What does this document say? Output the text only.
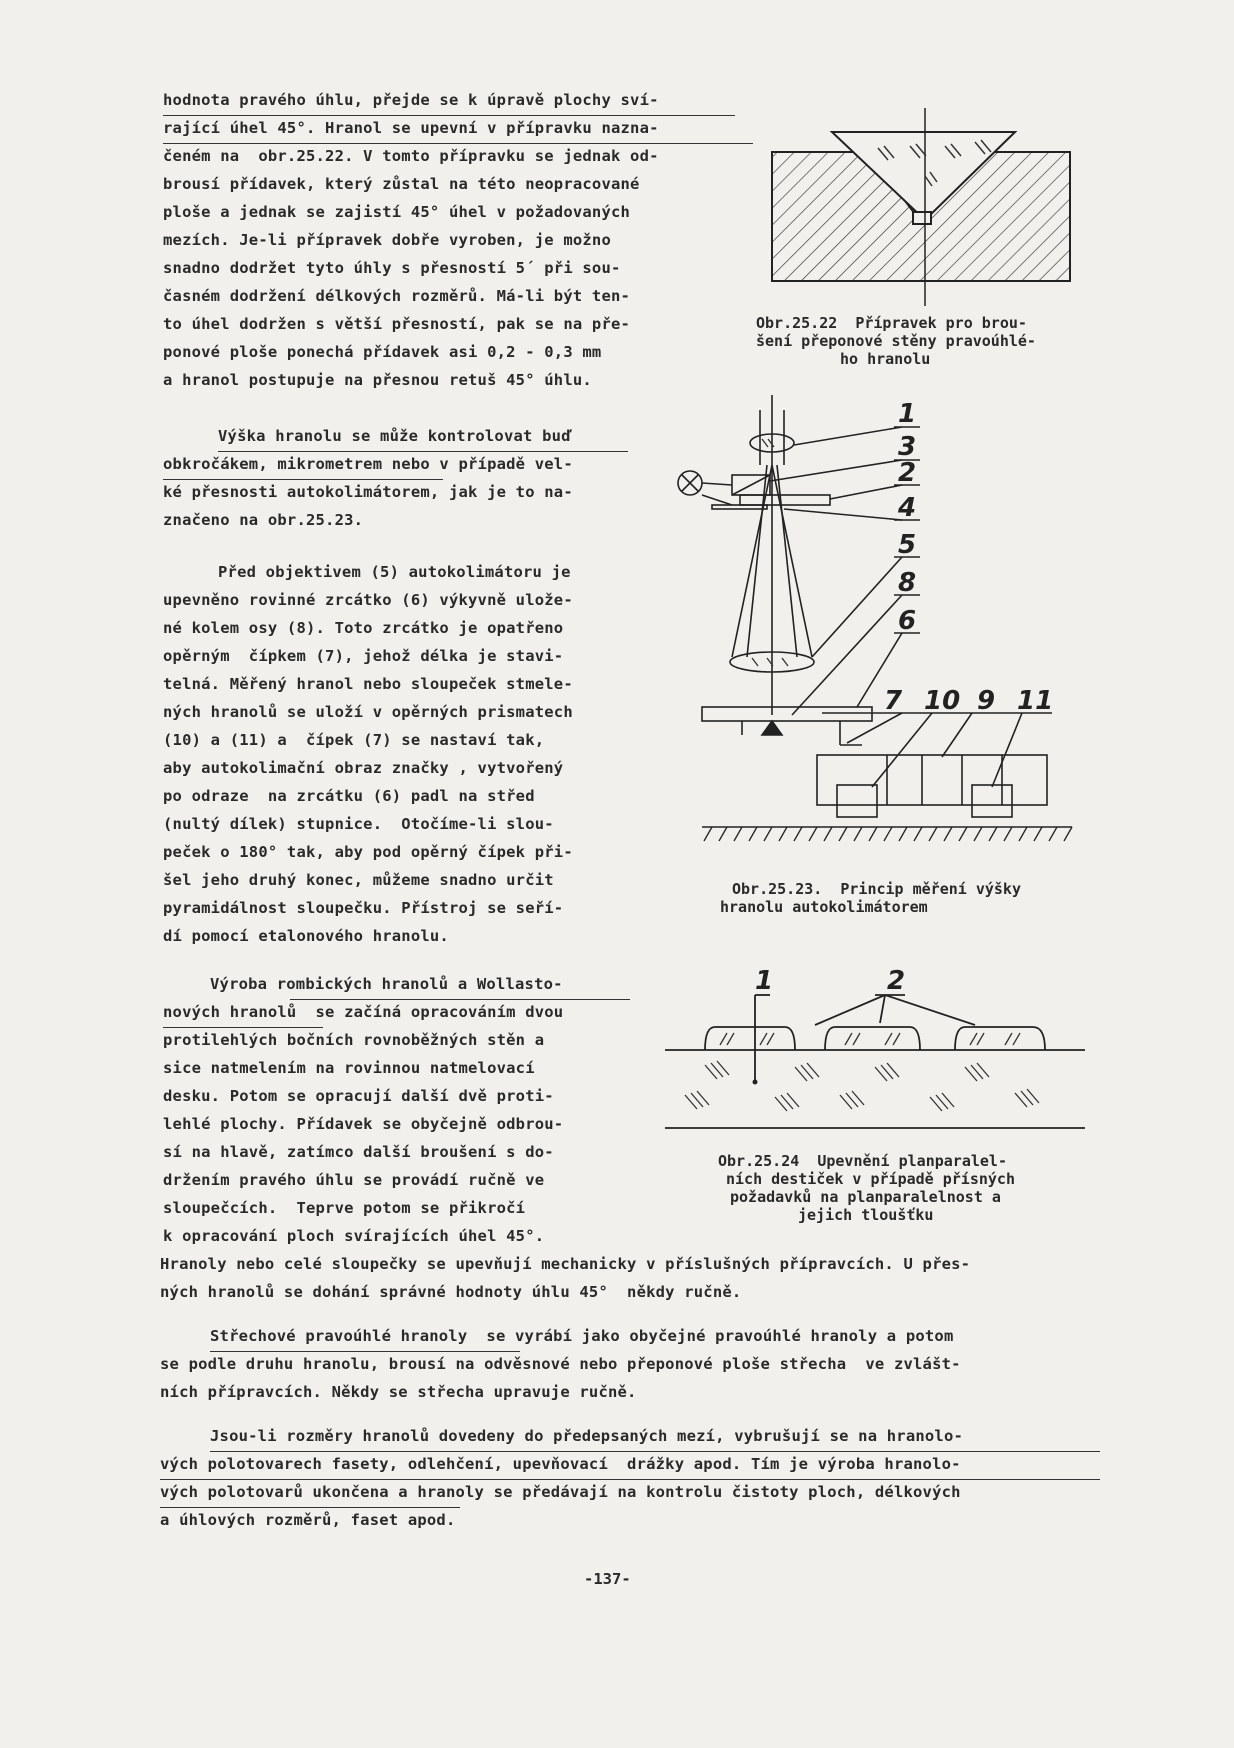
hodnota pravého úhlu, přejde se k úpravě plochy sví-
rající úhel 45°. Hranol se upevní v přípravku nazna-
čeném na  obr.25.22. V tomto přípravku se jednak od-
brousí přídavek, který zůstal na této neopracované
ploše a jednak se zajistí 45° úhel v požadovaných
mezích. Je-li přípravek dobře vyroben, je možno
snadno dodržet tyto úhly s přesností 5´ při sou-
časném dodržení délkových rozměrů. Má-li být ten-
to úhel dodržen s větší přesností, pak se na pře-
ponové ploše ponechá přídavek asi 0,2 - 0,3 mm
a hranol postupuje na přesnou retuš 45° úhlu.
Výška hranolu se může kontrolovat buď
obkročákem, mikrometrem nebo v případě vel-
ké přesnosti autokolimátorem, jak je to na-
značeno na obr.25.23.
Před objektivem (5) autokolimátoru je
upevněno rovinné zrcátko (6) výkyvně ulože-
né kolem osy (8). Toto zrcátko je opatřeno
opěrným  čípkem (7), jehož délka je stavi-
telná. Měřený hranol nebo sloupeček stmele-
ných hranolů se uloží v opěrných prismatech
(10) a (11) a  čípek (7) se nastaví tak,
aby autokolimační obraz značky , vytvořený
po odraze  na zrcátku (6) padl na střed
(nultý dílek) stupnice.  Otočíme-li slou-
peček o 180° tak, aby pod opěrný čípek při-
šel jeho druhý konec, můžeme snadno určit
pyramidálnost sloupečku. Přístroj se seří-
dí pomocí etalonového hranolu.
Výroba rombických hranolů a Wollasto-
nových hranolů  se začíná opracováním dvou
protilehlých bočních rovnoběžných stěn a
sice natmelením na rovinnou natmelovací
desku. Potom se opracují další dvě proti-
lehlé plochy. Přídavek se obyčejně odbrou-
sí na hlavě, zatímco další broušení s do-
držením pravého úhlu se provádí ručně ve
sloupečcích.  Teprve potom se přikročí
k opracování ploch svírajících úhel 45°.
Hranoly nebo celé sloupečky se upevňují mechanicky v příslušných přípravcích. U přes-
ných hranolů se dohání správné hodnoty úhlu 45°  někdy ručně.
Střechové pravoúhlé hranoly  se vyrábí jako obyčejné pravoúhlé hranoly a potom
se podle druhu hranolu, brousí na odvěsnové nebo přeponové ploše střecha  ve zvlášt-
ních přípravcích. Někdy se střecha upravuje ručně.
Jsou-li rozměry hranolů dovedeny do předepsaných mezí, vybrušují se na hranolo-
vých polotovarech fasety, odlehčení, upevňovací  drážky apod. Tím je výroba hranolo-
vých polotovarů ukončena a hranoly se předávají na kontrolu čistoty ploch, délkových
a úhlových rozměrů, faset apod.
Obr.25.22  Přípravek pro brou-
šení přeponové stěny pravoúhlé-
ho hranolu
1
3
2
4
5
8
6
7 10 9 11
Obr.25.23.  Princip měření výšky
hranolu autokolimátorem
1	2
Obr.25.24  Upevnění planparalel-
ních destiček v případě přísných
požadavků na planparalelnost a
jejich tloušťku
-137-
